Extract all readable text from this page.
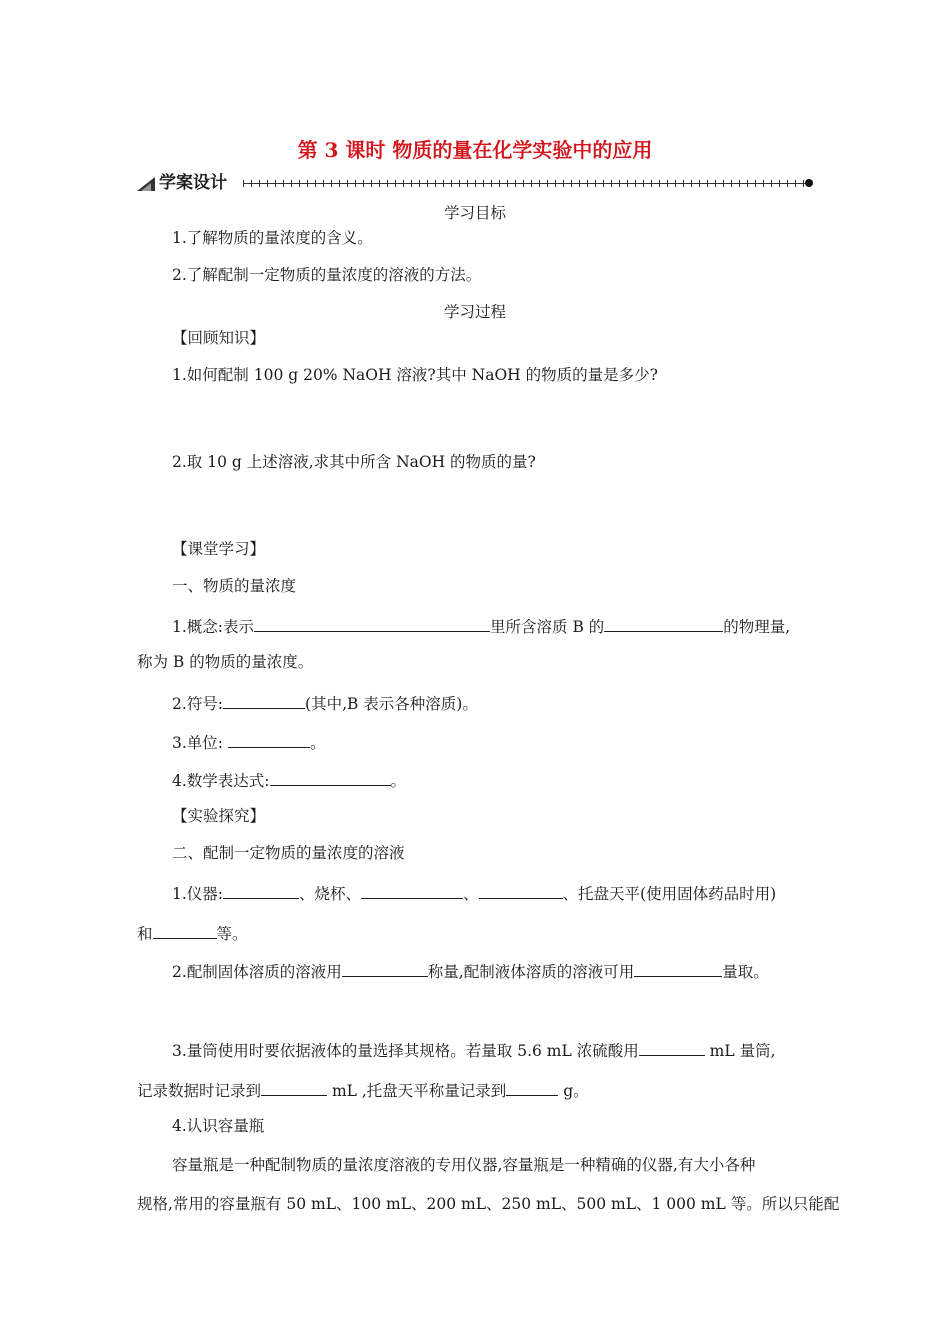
第 3 课时 物质的量在化学实验中的应用
学案设计
学习目标
1.了解物质的量浓度的含义。
2.了解配制一定物质的量浓度的溶液的方法。
学习过程
【回顾知识】
1.如何配制 100 g 20% NaOH 溶液?其中 NaOH 的物质的量是多少?
2.取 10 g 上述溶液,求其中所含 NaOH 的物质的量?
【课堂学习】
一、物质的量浓度
1.概念:表示	里所含溶质 B 的	的物理量,
称为 B 的物质的量浓度。
2.符号:	(其中,B 表示各种溶质)。
3.单位:	。
4.数学表达式:	。
【实验探究】
二、配制一定物质的量浓度的溶液
1.仪器:	、烧杯、	、	、托盘天平(使用固体药品时用)
和	等。
2.配制固体溶质的溶液用	称量,配制液体溶质的溶液可用	量取。
3.量筒使用时要依据液体的量选择其规格。若量取 5.6 mL 浓硫酸用	mL 量筒,
记录数据时记录到	mL ,托盘天平称量记录到	g。
4.认识容量瓶
容量瓶是一种配制物质的量浓度溶液的专用仪器,容量瓶是一种精确的仪器,有大小各种
规格,常用的容量瓶有 50 mL、100 mL、200 mL、250 mL、500 mL、1 000 mL 等。所以只能配
